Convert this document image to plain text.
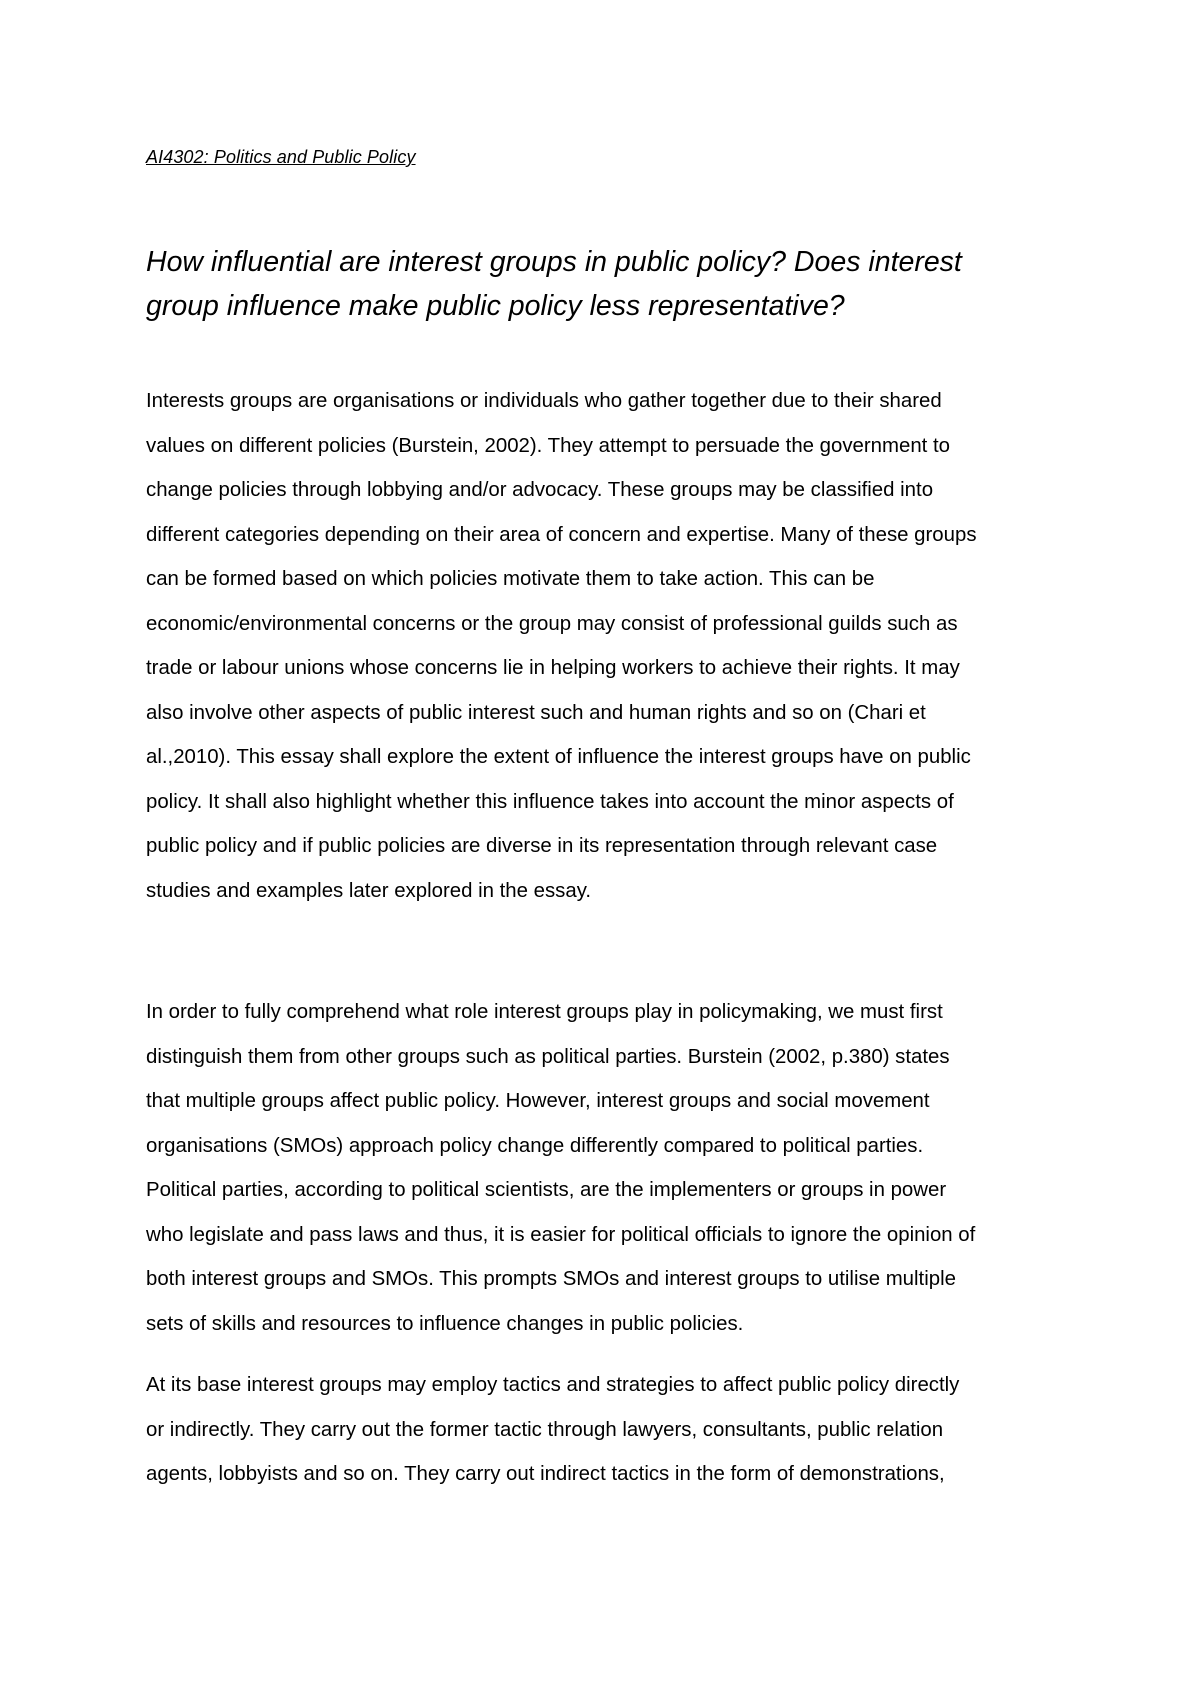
AI4302: Politics and Public Policy
How influential are interest groups in public policy? Does interest
group influence make public policy less representative?
Interests groups are organisations or individuals who gather together due to their shared
values on different policies (Burstein, 2002). They attempt to persuade the government to
change policies through lobbying and/or advocacy. These groups may be classified into
different categories depending on their area of concern and expertise. Many of these groups
can be formed based on which policies motivate them to take action. This can be
economic/environmental concerns or the group may consist of professional guilds such as
trade or labour unions whose concerns lie in helping workers to achieve their rights. It may
also involve other aspects of public interest such and human rights and so on (Chari et
al.,2010). This essay shall explore the extent of influence the interest groups have on public
policy. It shall also highlight whether this influence takes into account the minor aspects of
public policy and if public policies are diverse in its representation through relevant case
studies and examples later explored in the essay.
In order to fully comprehend what role interest groups play in policymaking, we must first
distinguish them from other groups such as political parties. Burstein (2002, p.380) states
that multiple groups affect public policy. However, interest groups and social movement
organisations (SMOs) approach policy change differently compared to political parties.
Political parties, according to political scientists, are the implementers or groups in power
who legislate and pass laws and thus, it is easier for political officials to ignore the opinion of
both interest groups and SMOs. This prompts SMOs and interest groups to utilise multiple
sets of skills and resources to influence changes in public policies.
At its base interest groups may employ tactics and strategies to affect public policy directly
or indirectly. They carry out the former tactic through lawyers, consultants, public relation
agents, lobbyists and so on. They carry out indirect tactics in the form of demonstrations,
